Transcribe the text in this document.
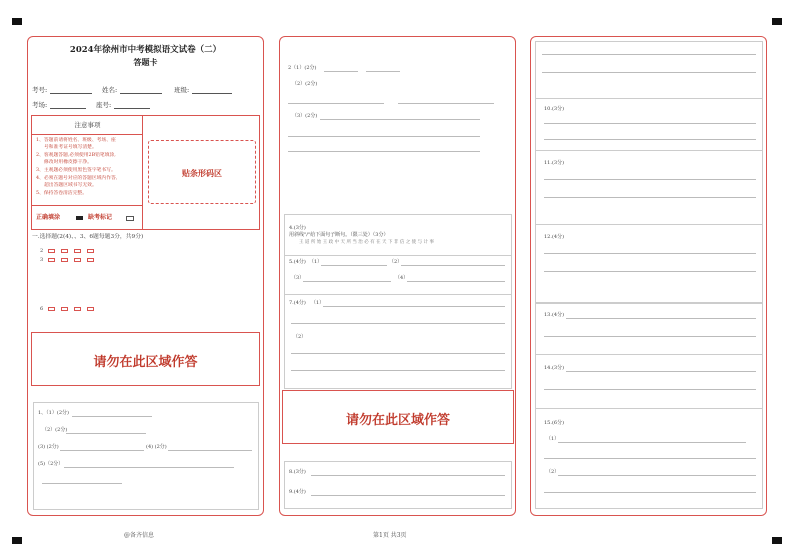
2024年徐州市中考模拟语文试卷（二）
答题卡
考号:	姓名:	班级:
考场:	座号:
注意事项
1、答题前请将姓名、班级、考场、座
号和准考证号填写清楚。
2、客观题答题,必须使用2B铅笔填涂,
修改时用橡皮擦干净。
3、主观题必须使用黑色签字笔书写。
4、必须在题号对应的答题区域内作答,
超出答题区域书写无效。
5、保持答卷清洁完整。
正确填涂	缺考标记
贴条形码区
一.选择题(2(4)、、3、6题每题3分，共9分)
2
3
6
请勿在此区域作答
1、（1）(2分)
（2）(2分)
(3) (2分)	(4) (2分)
(5)（2分）
2（1）(2分)
（2）(2分)
（3）(2分)
4.(3分)
用斜线"/"给下面句子断句。（限三处）（3分）
王 道 所 始 王 政 中 天 所 当 治 必 有 在 天 下 非 信 之 使 与 计 事
5.(4分) （1）	（2）
（3）	（4）
7.(4分) （1）
（2）
请勿在此区域作答
8.(3分)
9.(4分)
10.(3分)
11.(3分)
12.(4分)
13.(4分)
14.(3分)
15.(6分)
（1）
（2）
@备齐信息	第1页 共3页
